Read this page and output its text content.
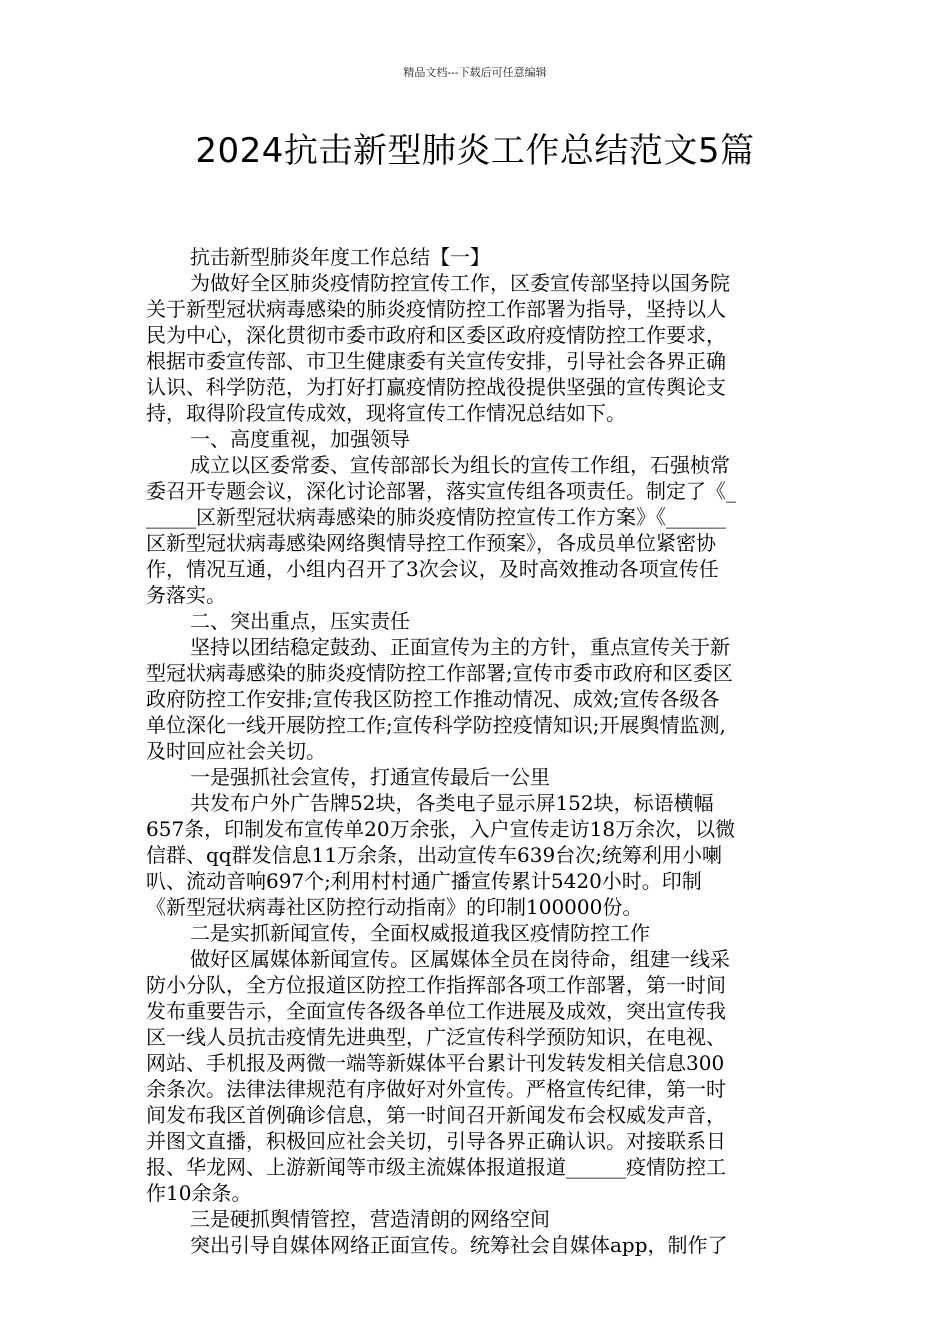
精品文档---下载后可任意编辑
2024抗击新型肺炎工作总结范文5篇
抗击新型肺炎年度工作总结【一】
为做好全区肺炎疫情防控宣传工作，区委宣传部坚持以国务院
关于新型冠状病毒感染的肺炎疫情防控工作部署为指导，坚持以人
民为中心，深化贯彻市委市政府和区委区政府疫情防控工作要求，
根据市委宣传部、市卫生健康委有关宣传安排，引导社会各界正确
认识、科学防范，为打好打赢疫情防控战役提供坚强的宣传舆论支
持，取得阶段宣传成效，现将宣传工作情况总结如下。
一、高度重视，加强领导
成立以区委常委、宣传部部长为组长的宣传工作组，石强桢常
委召开专题会议，深化讨论部署，落实宣传组各项责任。制定了《_
_____区新型冠状病毒感染的肺炎疫情防控宣传工作方案》《______
区新型冠状病毒感染网络舆情导控工作预案》，各成员单位紧密协
作，情况互通，小组内召开了3次会议，及时高效推动各项宣传任
务落实。
二、突出重点，压实责任
坚持以团结稳定鼓劲、正面宣传为主的方针，重点宣传关于新
型冠状病毒感染的肺炎疫情防控工作部署;宣传市委市政府和区委区
政府防控工作安排;宣传我区防控工作推动情况、成效;宣传各级各
单位深化一线开展防控工作;宣传科学防控疫情知识;开展舆情监测,
及时回应社会关切。
一是强抓社会宣传，打通宣传最后一公里
共发布户外广告牌52块，各类电子显示屏152块，标语横幅
657条，印制发布宣传单20万余张，入户宣传走访18万余次，以微
信群、qq群发信息11万余条，出动宣传车639台次;统筹利用小喇
叭、流动音响697个;利用村村通广播宣传累计5420小时。印制
《新型冠状病毒社区防控行动指南》的印制100000份。
二是实抓新闻宣传，全面权威报道我区疫情防控工作
做好区属媒体新闻宣传。区属媒体全员在岗待命，组建一线采
防小分队，全方位报道区防控工作指挥部各项工作部署，第一时间
发布重要告示，全面宣传各级各单位工作进展及成效，突出宣传我
区一线人员抗击疫情先进典型，广泛宣传科学预防知识，在电视、
网站、手机报及两微一端等新媒体平台累计刊发转发相关信息300
余条次。法律法律规范有序做好对外宣传。严格宣传纪律，第一时
间发布我区首例确诊信息，第一时间召开新闻发布会权威发声音，
并图文直播，积极回应社会关切，引导各界正确认识。对接联系日
报、华龙网、上游新闻等市级主流媒体报道报道______疫情防控工
作10余条。
三是硬抓舆情管控，营造清朗的网络空间
突出引导自媒体网络正面宣传。统筹社会自媒体app，制作了
